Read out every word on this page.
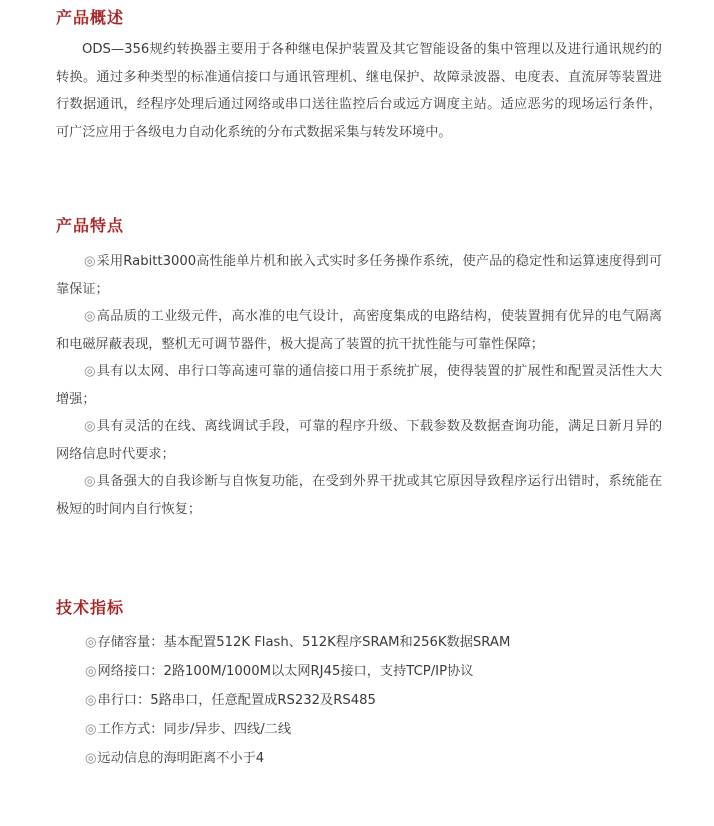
产品概述

ODS—356规约转换器主要用于各种继电保护装置及其它智能设备的集中管理以及进行通讯规约的转换。通过多种类型的标准通信接口与通讯管理机、继电保护、故障录波器、电度表、直流屏等装置进行数据通讯，经程序处理后通过网络或串口送往监控后台或远方调度主站。适应恶劣的现场运行条件，可广泛应用于各级电力自动化系统的分布式数据采集与转发环境中。

产品特点

◎采用Rabitt3000高性能单片机和嵌入式实时多任务操作系统，使产品的稳定性和运算速度得到可靠保证；

◎高品质的工业级元件，高水准的电气设计，高密度集成的电路结构，使装置拥有优异的电气隔离和电磁屏蔽表现，整机无可调节器件，极大提高了装置的抗干扰性能与可靠性保障；

◎具有以太网、串行口等高速可靠的通信接口用于系统扩展，使得装置的扩展性和配置灵活性大大增强；

◎具有灵活的在线、离线调试手段，可靠的程序升级、下载参数及数据查询功能，满足日新月异的网络信息时代要求；

◎具备强大的自我诊断与自恢复功能，在受到外界干扰或其它原因导致程序运行出错时，系统能在极短的时间内自行恢复；

技术指标

◎存储容量：基本配置512K Flash、512K程序SRAM和256K数据SRAM

◎网络接口：2路100M/1000M以太网RJ45接口，支持TCP/IP协议

◎串行口：5路串口，任意配置成RS232及RS485

◎工作方式：同步/异步、四线/二线

◎远动信息的海明距离不小于4
